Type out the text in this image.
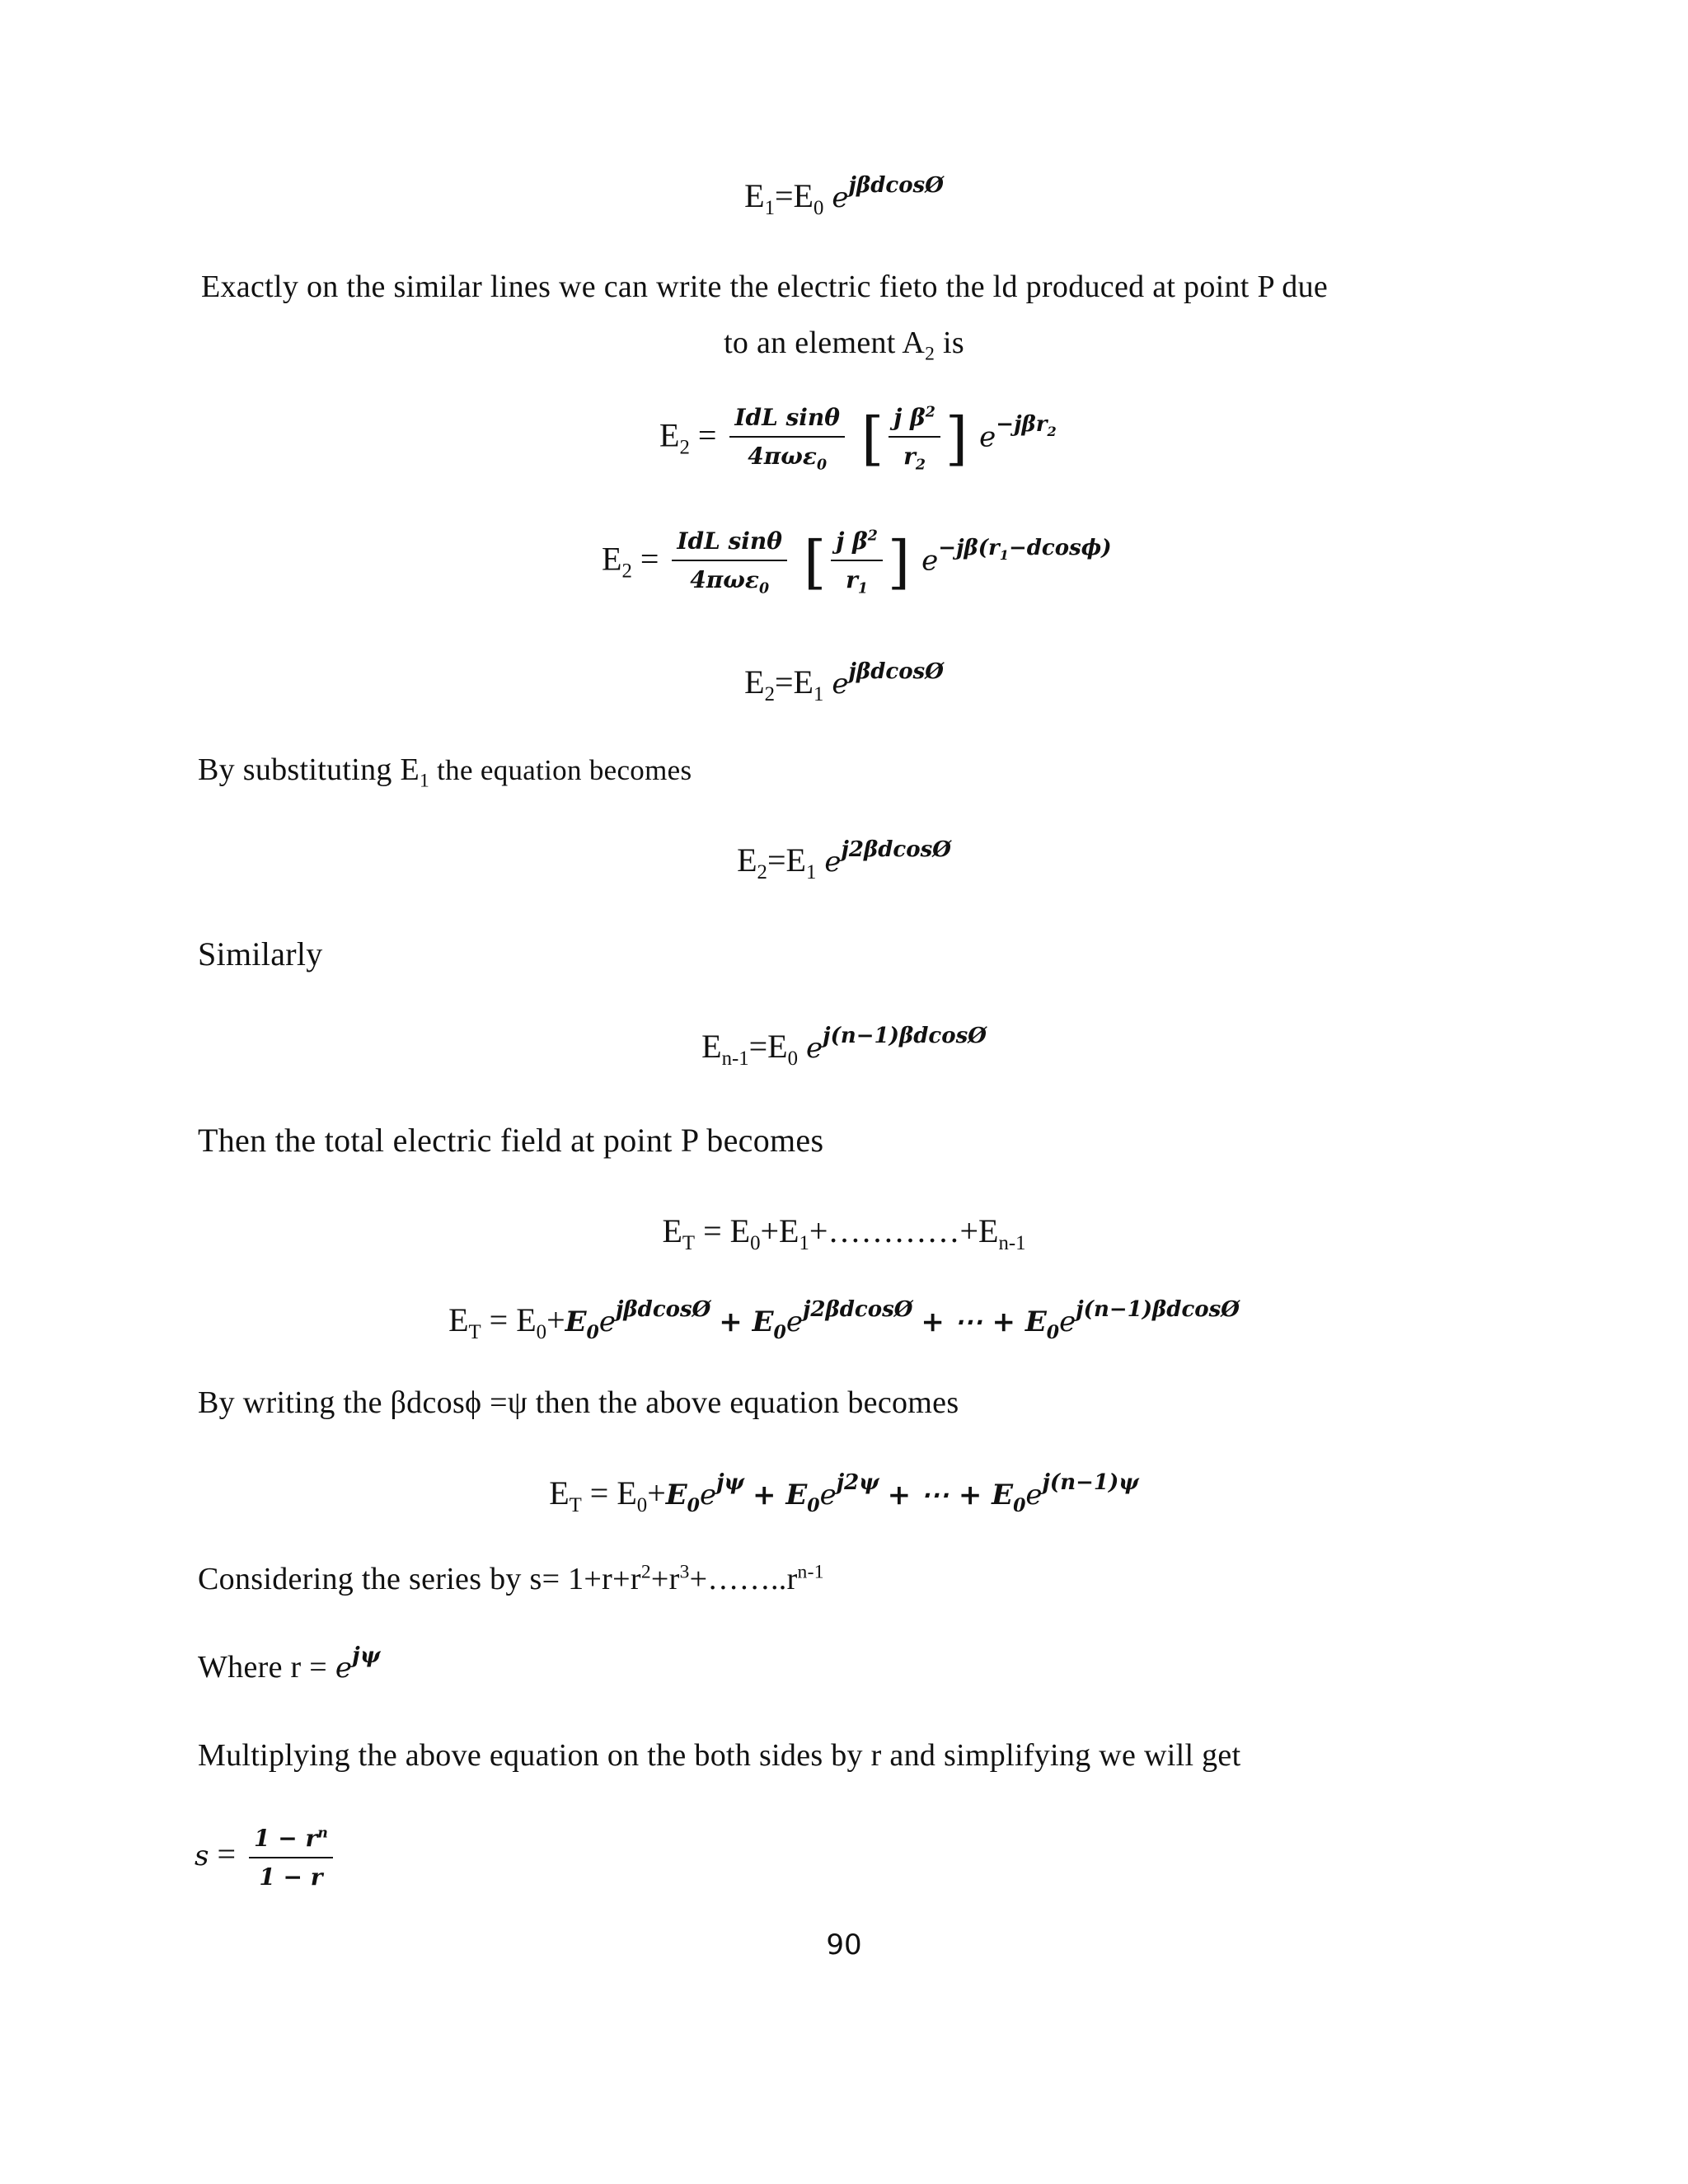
$E_1=E_0$ $e^{j\beta dcosØ}$
Exactly on the similar lines we can write the electric fieto the ld produced at point P due
to an element $A_2$ is
$E_2 = \frac{\text{IdL sinθ}}{4\pi\omega\varepsilon_0}$
[ $\frac{j \beta^2}{r_2}$ ] $e^{-j\beta r_2}$
$E_2 = \frac{\text{IdL sinθ}}{4\pi\omega\varepsilon_0}$
[ $\frac{j \beta^2}{r_1}$ ] $e^{-j\beta(r_1-dcos\phi)}$
$E_2=E_1$ $e^{j\beta dcosØ}$
By substituting $E_1$ the equation becomes
$E_2=E_1$ $e^{j2\beta dcosØ}$
Similarly
$E_{n-1}=E_0$ $e^{j(n-1)\beta dcosØ}$
Then the total electric field at point P becomes
$E_T$ = $E_0+E_1+\dots\dots\dots\dots+E_{n-1}$
$E_T = E_0+E_0e^{j\beta dcosØ} + E_0e^{j2\beta dcosØ}$ + ⋯ + $E_0e^{j(n-1)\beta dcosØ}$
By writing the βdcosϕ =ψ then the above equation becomes
$E_T = E_0+E_0e^{j\psi} + E_0e^{j2\psi}$ + ⋯ + $E_0e^{j(n-1)\psi}$
Considering the series by $s= 1+r+r^2+r^3+\dots\dots..r^{n-1}$
Where $r = e^{j\psi}$
Multiplying the above equation on the both sides by r and simplifying we will get
$s = \frac{1 - r^n}{1 - r}$
90
